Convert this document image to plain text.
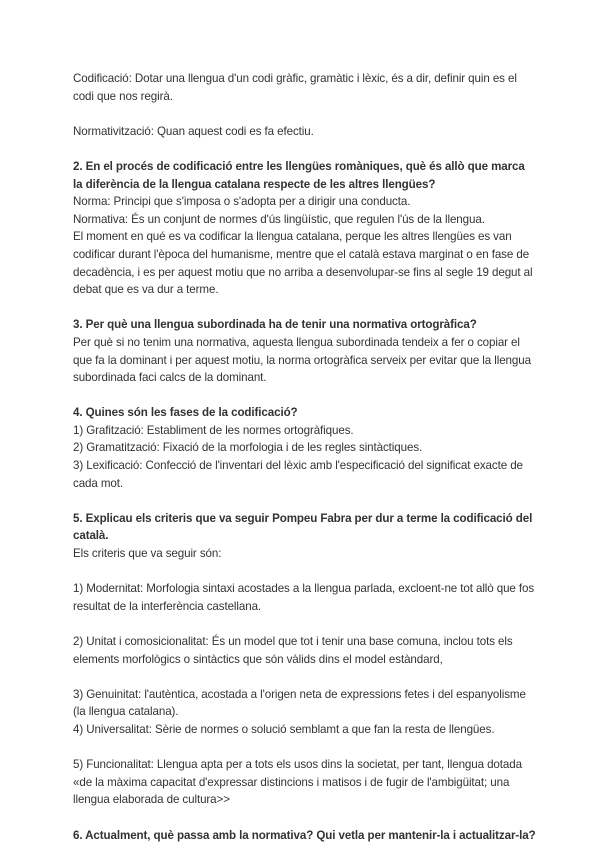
Codificació: Dotar una llengua d'un codi gràfic, gramàtic i lèxic, és a dir, definir quin es el codi que nos regirà.

Normativització: Quan aquest codi es fa efectiu.

2. En el procés de codificació entre les llengües romàniques, què és allò que marca la diferència de la llengua catalana respecte de les altres llengües?

Norma: Principi que s'imposa o s'adopta per a dirigir una conducta.

Normativa: És un conjunt de normes d'ús lingüístic, que regulen l'ús de la llengua.

El moment en qué es va codificar la llengua catalana, perque les altres llengües es van codificar durant l'època del humanisme, mentre que el català estava marginat o en fase de decadència, i es per aquest motiu que no arriba a desenvolupar-se fins al segle 19 degut al debat que es va dur a terme.

3. Per què una llengua subordinada ha de tenir una normativa ortogràfica?

Per què si no tenim una normativa, aquesta llengua subordinada tendeix a fer o copiar el que fa la dominant i per aquest motiu, la norma ortogràfica serveix per evitar que la llengua subordinada faci calcs de la dominant.

4. Quines són les fases de la codificació?

1) Grafització: Establiment de les normes ortogràfiques.

2) Gramatització: Fixació de la morfologia i de les regles sintàctiques.

3) Lexificació: Confecció de l'inventari del lèxic amb l'especificació del significat exacte de cada mot.

5. Explicau els criteris que va seguir Pompeu Fabra per dur a terme la codificació del català.

Els criteris que va seguir són:

1) Modernitat: Morfologia sintaxi acostades a la llengua parlada, excloent-ne tot allò que fos resultat de la interferència castellana.

2) Unitat i comosicionalitat: És un model que tot i tenir una base comuna, inclou tots els elements morfològics o sintàctics que són vàlids dins el model estàndard,

3) Genuinitat: l'autèntica, acostada a l'origen neta de expressions fetes i del espanyolisme (la llengua catalana).

4) Universalitat: Sèrie de normes o solució semblamt a que fan la resta de llengües.

5) Funcionalitat: Llengua apta per a tots els usos dins la societat, per tant, llengua dotada «de la màxima capacitat d'expressar distincions i matisos i de fugir de l'ambigüitat; una llengua elaborada de cultura>>

6. Actualment, què passa amb la normativa? Qui vetla per mantenir-la i actualitzar-la?
